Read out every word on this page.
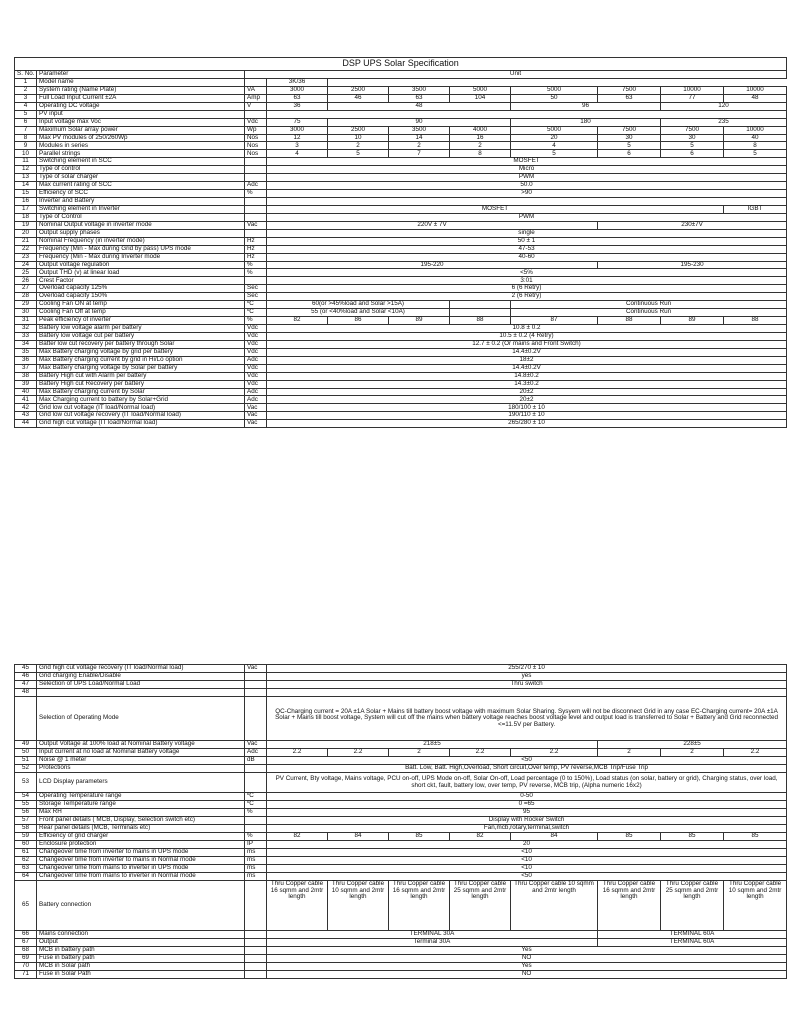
DSP UPS Solar Specification										
S. No.	Parameter	Unit								
1	Model name		3K/36							
2	System rating (Name Plate)	VA	3000	2500	3500	5000	5000	7500	10000	10000
3	Full Load Input Current ±2A	Amp	63	46	63	104	50	63	77	48
4	Operating DC voltage	V	36	48			96		120	
5	PV input									
6	Input voltage max Voc	Vdc	75	90			180		235	
7	Maximum Solar array power	Wp	3000	2500	3500	4000	5000	7500	7500	10000
8	Max PV modules of 250/260Wp	Nos	12	10	14	16	20	30	30	40
9	Modules in series	Nos	3	2	2	2	4	5	5	8
10	Parallel strings	Nos	4	5	7	8	5	6	6	5
11	Switching element in SCC		MOSFET							
12	Type of control		Micro							
13	Type of solar charger		PWM							
14	Max current rating of SCC	Adc	50.0							
15	Efficiency of SCC	%	>90							
16	Inverter and Battery									
17	Switching element in Inverter		MOSFET							IGBT
18	Type of Control		PWM							
19	Nominal Output voltage in inverter mode	Vac	220V ± 7V					230±7V		
20	Output supply phases		single							
21	Nominal Frequency (in inverter mode)	Hz	50 ± 1							
22	Frequency (Min - Max during Grid by pass) UPS mode	Hz	47-53							
23	Frequency (Min - Max during Inverter mode	Hz	40-60							
24	Output voltage regulation	%	195-220					195-230		
25	Output THD (v) at linear load	%	<5%							
26	Crest Factor		3:01							
27	Overload capacity 125%	Sec	6 (6 Retry)							
28	Overload capacity 150%	Sec	2 (6 Retry)							
29	Cooling Fan ON at temp	ºC	60(or >45%load and Solar >15A)				Continuous Run			
30	Cooling Fan Off at temp	ºC	55 (or <40%load and Solar <10A)				Continuous Run			
31	Peak efficiency of inverter	%	82	86	89	88	87	88	89	88
32	Battery low voltage alarm per battery	Vdc	10.8 ± 0.2							
33	Battery low voltage cut per battery	Vdc	10.5 ± 0.2 (4 Retry)							
34	Batter low cut recovery per battery through Solar	Vdc	12.7 ± 0.2 (Or mains and Front Switch)							
35	Max Battery charging voltage by grid per battery	Vdc	14.4±0.2V							
36	Max Battery charging current by grid in Hi/Lo option	Adc	18±2							
37	Max Battery charging voltage by Solar per battery	Vdc	14.4±0.2V							
38	Battery High cut with Alarm per battery	Vdc	14.8±0.2							
39	Battery High cut Recovery per battery	Vdc	14.3±0.2							
40	Max Battery charging current by Solar	Adc	20±2							
41	Max Charging current to battery by Solar+Grid	Adc	20±2							
42	Grid low cut voltage (IT load/Normal load)	Vac	180/100 ± 10							
43	Grid low cut voltage recovery (IT load/Normal load)	Vac	190/110 ± 10							
44	Grid high cut voltage (IT load/Normal load)	Vac	265/280 ± 10							
45	Grid high cut voltage recovery (IT load/Normal load)	Vac	255/270 ± 10							
46	Grid charging Enable/Disable		yes							
47	Selection of UPS Load/Normal Load		Thru switch							
48										
	Selection of Operating Mode		QC-Charging current = 20A ±1A Solar + Mains till battery boost voltage with maximum Solar Sharing. Sysyem will not be disconnect Grid in any case EC-Charging current= 20A ±1A Solar + Mains till boost voltage, System will cut off the mains when battery voltage reaches boost voltage level and output load is transferred to Solar + Battery and Grid reconnected <=11.5V per Battery.							
49	Output Voltage at 100% load at Nominal Battery voltage	Vac	218±5					228±5		
50	Input current at no load at Nominal Battery voltage	Adc	2.2	2.2	2	2.2	2.2	2	2	2.2
51	Noise @ 1 meter	dB	<50							
52	Protections		Batt. Low, Batt. High,Overload, Short circuit,Over temp, PV reverse,MCB Trip/Fuse Trip							
53	LCD Display parameters		PV Current, Bty voltage, Mains voltage, PCU on-off, UPS Mode on-off, Solar On-off, Load percentage (0 to 150%), Load status (on solar, battery or grid), Charging status, over load, short ckt, fault, battery low, over temp, PV reverse, MCB trip, (Alpha numeric 16x2)							
54	Operating Temperature range	ºC	0-50							
55	Storage Temperature range	ºC	0 =65							
56	Max RH	%	95							
57	Front panel details ( MCB, Display, Selection switch etc)		Display with Rocker Switch							
58	Rear panel details (MCB, Terminals etc)		Fan,mcb,rotary,terminal,switch							
59	Efficiency of grid charger	%	82	84	85	82	84	85	85	85
60	Enclosure protection	IP	20							
61	Changeover time from inverter to mains in UPS mode	ms	<10							
62	Changeover time from inverter to mains in Normal mode	ms	<10							
63	Changeover time from mains to inverter in UPS mode	ms	<10							
64	Changeover time from mains to inverter in Normal mode	ms	<50							
65	Battery connection		Thru Copper cable 16 sqmm and 2mtr length	Thru Copper cable 10 sqmm and 2mtr length	Thru Copper cable 16 sqmm and 2mtr length	Thru Copper cable 25 sqmm and 2mtr length	Thru Copper cable 10 sqmm and 2mtr length	Thru Copper cable 16 sqmm and 2mtr length	Thru Copper cable 25 sqmm and 2mtr length	Thru Copper cable 10 sqmm and 2mtr length
66	Mains connection		TERMINAL 30A					TERMINAL 60A		
67	Output		Terminal 30A					TERMINAL 60A		
68	MCB in battery path		Yes							
69	Fuse in battery path		NO							
70	MCB in Solar path		Yes							
71	Fuse in Solar Path		NO							
